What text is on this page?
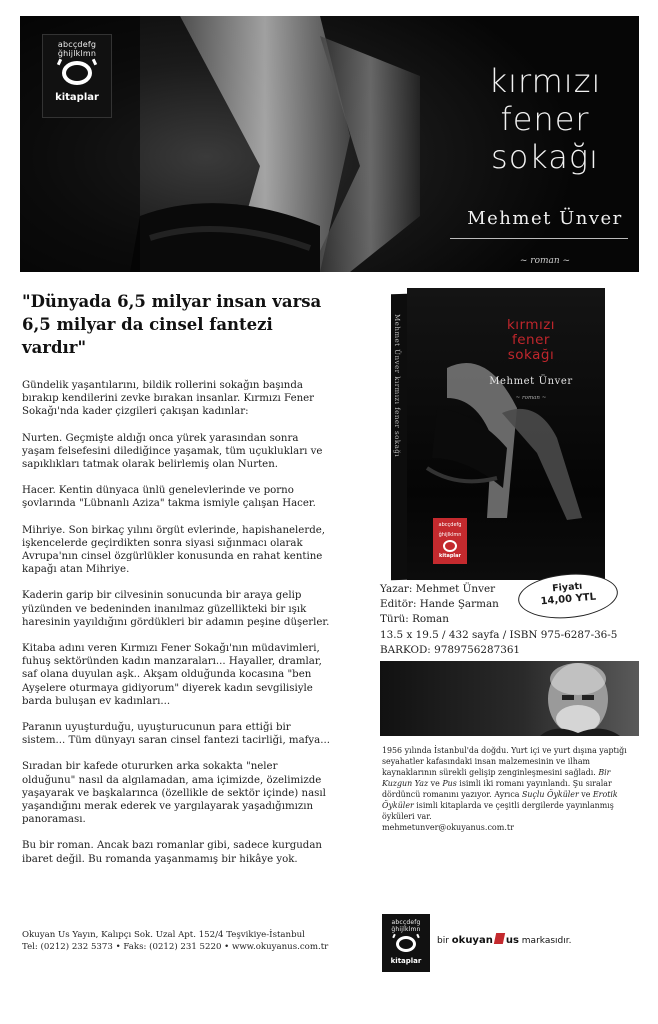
abcçdefg
ğhijlklmn
kitaplar	kırmızı
fener
sokağı
Mehmet Ünver
~ roman ~
"Dünyada 6,5 milyar insan varsa 6,5 milyar da cinsel fantezi vardır"

Gündelik yaşantılarını, bildik rollerini sokağın başında bırakıp kendilerini zevke bırakan insanlar. Kırmızı Fener Sokağı'nda kader çizgileri çakışan kadınlar:

Nurten. Geçmişte aldığı onca yürek yarasından sonra yaşam felsefesini dilediğince yaşamak, tüm uçuklukları ve sapıklıkları tatmak olarak belirlemiş olan Nurten.

Hacer. Kentin dünyaca ünlü genelevlerinde ve porno şovlarında "Lübnanlı Aziza" takma ismiyle çalışan Hacer.

Mihriye. Son birkaç yılını örgüt evlerinde, hapishanelerde, işkencelerde geçirdikten sonra siyasi sığınmacı olarak Avrupa'nın cinsel özgürlükler konusunda en rahat kentine kapağı atan Mihriye.

Kaderin garip bir cilvesinin sonucunda bir araya gelip yüzünden ve bedeninden inanılmaz güzellikteki bir ışık haresinin yayıldığını gördükleri bir adamın peşine düşerler.

Kitaba adını veren Kırmızı Fener Sokağı'nın müdavimleri, fuhuş sektöründen kadın manzaraları... Hayaller, dramlar, saf olana duyulan aşk.. Akşam olduğunda kocasına "ben Ayşelere oturmaya gidiyorum" diyerek kadın sevgilisiyle barda buluşan ev kadınları...

Paranın uyuşturduğu, uyuşturucunun para ettiği bir sistem... Tüm dünyayı saran cinsel fantezi tacirliği, mafya...

Sıradan bir kafede otururken arka sokakta "neler olduğunu" nasıl da algılamadan, ama içimizde, özelimizde yaşayarak ve başkalarınca (özellikle de sektör içinde) nasıl yaşandığını merak ederek ve yargılayarak yaşadığımızın panoraması.

Bu bir roman. Ancak bazı romanlar gibi, sadece kurgudan ibaret değil. Bu romanda yaşanmamış bir hikâye yok.

Okuyan Us Yayın, Kalıpçı Sok. Uzal Apt. 152/4 Teşvikiye-İstanbul
Tel: (0212) 232 5373 • Faks: (0212) 231 5220 • www.okuyanus.com.tr
Mehmet Ünver kırmızı fener sokağı	kırmızı
fener
sokağı
Mehmet Ünver
~ roman ~
abcçdefg
ğhijlklmn
kitaplar
Yazar: Mehmet Ünver
Editör: Hande Şarman
Türü: Roman
13.5 x 19.5 / 432 sayfa / ISBN 975-6287-36-5
BARKOD: 9789756287361
Fiyatı
14,00 YTL
1956 yılında İstanbul'da doğdu. Yurt içi ve yurt dışına yaptığı seyahatler kafasındaki insan malzemesinin ve ilham kaynaklarının sürekli gelişip zenginleşmesini sağladı. Bir Kuzgun Yaz ve Pus isimli iki romanı yayınlandı. Şu sıralar dördüncü romanını yazıyor. Ayrıca Suçlu Öyküler ve Erotik Öyküler isimli kitaplarda ve çeşitli dergilerde yayınlanmış öyküleri var.
mehmetunver@okuyanus.com.tr
abcçdefg
ğhijlklmn
kitaplar
bir okuyan us markasıdır.
